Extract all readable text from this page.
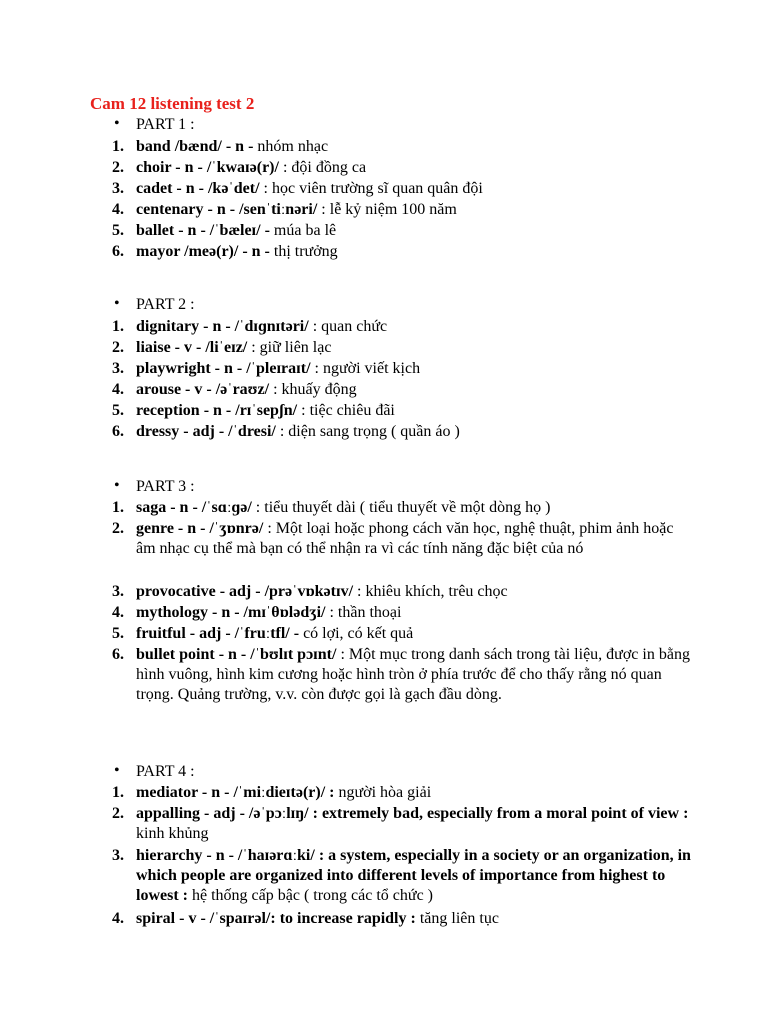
Cam 12 listening test 2
• PART 1 :
1. band /bænd/ - n - nhóm nhạc
2. choir - n - /ˈkwaɪə(r)/ : đội đồng ca
3. cadet - n - /kəˈdet/ : học viên trường sĩ quan quân đội
4. centenary - n - /senˈtiːnəri/ : lễ kỷ niệm 100 năm
5. ballet - n - /ˈbæleɪ/ - múa ba lê
6. mayor /meə(r)/ - n - thị trưởng
• PART 2 :
1. dignitary - n - /ˈdɪɡnɪtəri/ : quan chức
2. liaise - v - /liˈeɪz/ : giữ liên lạc
3. playwright - n - /ˈpleɪraɪt/ : người viết kịch
4. arouse - v - /əˈraʊz/ : khuấy động
5. reception - n - /rɪˈsepʃn/ : tiệc chiêu đãi
6. dressy - adj - /ˈdresi/ : diện sang trọng ( quần áo )
• PART 3 :
1. saga - n - /ˈsɑːɡə/ : tiểu thuyết dài ( tiểu thuyết về một dòng họ )
2. genre - n - /ˈʒɒnrə/ : Một loại hoặc phong cách văn học, nghệ thuật, phim ảnh hoặc âm nhạc cụ thể mà bạn có thể nhận ra vì các tính năng đặc biệt của nó
3. provocative - adj - /prəˈvɒkətɪv/ : khiêu khích, trêu chọc
4. mythology - n - /mɪˈθɒlədʒi/ : thần thoại
5. fruitful - adj - /ˈfruːtfl/ - có lợi, có kết quả
6. bullet point - n - /ˈbʊlɪt pɔɪnt/ : Một mục trong danh sách trong tài liệu, được in bằng hình vuông, hình kim cương hoặc hình tròn ở phía trước để cho thấy rằng nó quan trọng. Quảng trường, v.v. còn được gọi là gạch đầu dòng.
• PART 4 :
1. mediator - n - /ˈmiːdieɪtə(r)/ : người hòa giải
2. appalling - adj - /əˈpɔːlɪŋ/ : extremely bad, especially from a moral point of view : kinh khủng
3. hierarchy - n - /ˈhaɪərɑːki/ : a system, especially in a society or an organization, in which people are organized into different levels of importance from highest to lowest : hệ thống cấp bậc ( trong các tổ chức )
4. spiral - v - /ˈspaɪrəl/: to increase rapidly : tăng liên tục
